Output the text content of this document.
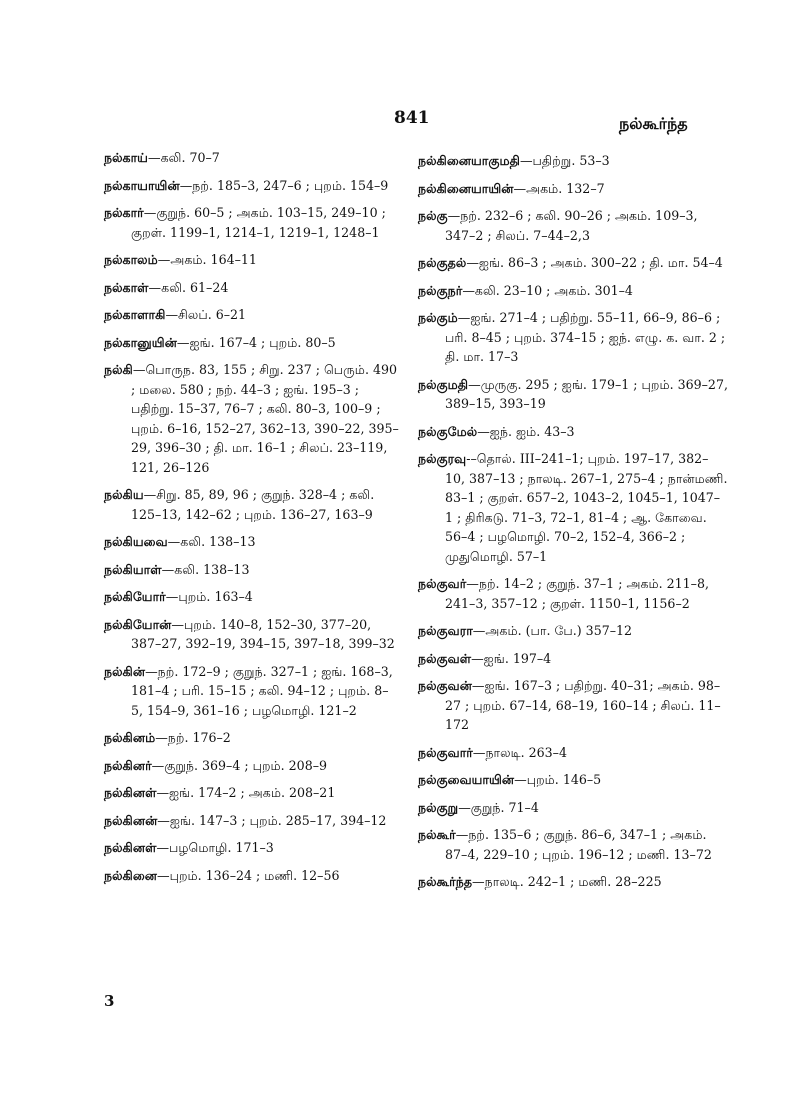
841	நல்கூர்ந்த
நல்காய்—கலி. 70–7
நல்காயாயின்—நற். 185–3, 247–6 ; புறம். 154–9
நல்கார்—குறுந். 60–5 ; அகம். 103–15, 249–10 ; குறள். 1199–1, 1214–1, 1219–1, 1248–1
நல்காலம்—அகம். 164–11
நல்காள்—கலி. 61–24
நல்காளாகி—சிலப். 6–21
நல்கானுயின்—ஐங். 167–4 ; புறம். 80–5
நல்கி—பொருந. 83, 155 ; சிறு. 237 ; பெரும். 490 ; மலை. 580 ; நற். 44–3 ; ஐங். 195–3 ; பதிற்று. 15–37, 76–7 ; கலி. 80–3, 100–9 ; புறம். 6–16, 152–27, 362–13, 390–22, 395–29, 396–30 ; தி. மா. 16–1 ; சிலப். 23–119, 121, 26–126
நல்கிய—சிறு. 85, 89, 96 ; குறுந். 328–4 ; கலி. 125–13, 142–62 ; புறம். 136–27, 163–9
நல்கியவை—கலி. 138–13
நல்கியாள்—கலி. 138–13
நல்கியோர்—புறம். 163–4
நல்கியோன்—புறம். 140–8, 152–30, 377–20, 387–27, 392–19, 394–15, 397–18, 399–32
நல்கின்—நற். 172–9 ; குறுந். 327–1 ; ஐங். 168–3, 181–4 ; பரி. 15–15 ; கலி. 94–12 ; புறம். 8–5, 154–9, 361–16 ; பழமொழி. 121–2
நல்கினம்—நற். 176–2
நல்கினர்—குறுந். 369–4 ; புறம். 208–9
நல்கினள்—ஐங். 174–2 ; அகம். 208–21
நல்கினன்—ஐங். 147–3 ; புறம். 285–17, 394–12
நல்கினள்—பழமொழி. 171–3
நல்கினை—புறம். 136–24 ; மணி. 12–56
நல்கினையாகுமதி—பதிற்று. 53–3
நல்கினையாயின்—அகம். 132–7
நல்கு—நற். 232–6 ; கலி. 90–26 ; அகம். 109–3, 347–2 ; சிலப். 7–44–2,3
நல்குதல்—ஐங். 86–3 ; அகம். 300–22 ; தி. மா. 54–4
நல்குநர்—கலி. 23–10 ; அகம். 301–4
நல்கும்—ஐங். 271–4 ; பதிற்று. 55–11, 66–9, 86–6 ; பரி. 8–45 ; புறம். 374–15 ; ஐந். எழு. க. வா. 2 ; தி. மா. 17–3
நல்குமதி—முருகு. 295 ; ஐங். 179–1 ; புறம். 369–27, 389–15, 393–19
நல்குமேல்—ஐந். ஐம். 43–3
நல்குரவு-–தொல். III–241–1; புறம். 197–17, 382–10, 387–13 ; நாலடி. 267–1, 275–4 ; நான்மணி. 83–1 ; குறள். 657–2, 1043–2, 1045–1, 1047–1 ; திரிகடு. 71–3, 72–1, 81–4 ; ஆ. கோவை. 56–4 ; பழமொழி. 70–2, 152–4, 366–2 ; முதுமொழி. 57–1
நல்குவர்—நற். 14–2 ; குறுந். 37–1 ; அகம். 211–8, 241–3, 357–12 ; குறள். 1150–1, 1156–2
நல்குவரா—அகம். (பா. பே.) 357–12
நல்குவள்—ஐங். 197–4
நல்குவன்—ஐங். 167–3 ; பதிற்று. 40–31; அகம். 98–27 ; புறம். 67–14, 68–19, 160–14 ; சிலப். 11–172
நல்குவார்—நாலடி. 263–4
நல்குவையாயின்—புறம். 146–5
நல்குறு—குறுந். 71–4
நல்கூர்—நற். 135–6 ; குறுந். 86–6, 347–1 ; அகம். 87–4, 229–10 ; புறம். 196–12 ; மணி. 13–72
நல்கூர்ந்த—நாலடி. 242–1 ; மணி. 28–225
3
